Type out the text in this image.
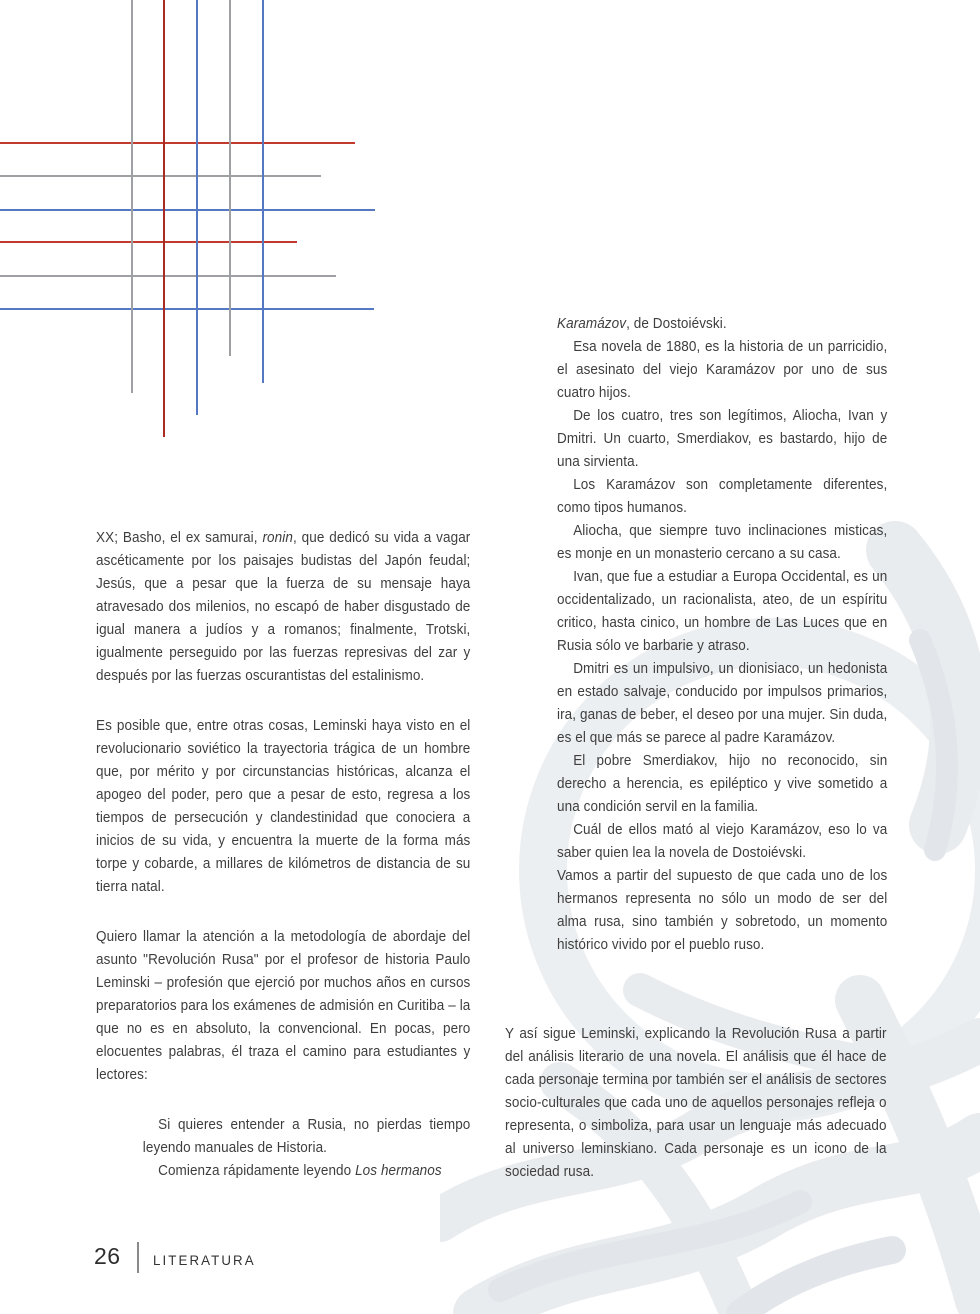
XX; Basho, el ex samurai, ronin, que dedicó su vida a vagar ascéticamente por los paisajes budistas del Japón feudal; Jesús, que a pesar que la fuerza de su mensaje haya atravesado dos milenios, no escapó de haber disgustado de igual manera a judíos y a romanos; finalmente, Trotski, igualmente perseguido por las fuerzas represivas del zar y después por las fuerzas oscurantistas del estalinismo.

Es posible que, entre otras cosas, Leminski haya visto en el revolucionario soviético la trayectoria trágica de un hombre que, por mérito y por circunstancias históricas, alcanza el apogeo del poder, pero que a pesar de esto, regresa a los tiempos de persecución y clandestinidad que conociera a inicios de su vida, y encuentra la muerte de la forma más torpe y cobarde, a millares de kilómetros de distancia de su tierra natal.

Quiero llamar la atención a la metodología de abordaje del asunto "Revolución Rusa" por el profesor de historia Paulo Leminski – profesión que ejerció por muchos años en cursos preparatorios para los exámenes de admisión en Curitiba – la que no es en absoluto, la convencional. En pocas, pero elocuentes palabras, él traza el camino para estudiantes y lectores:

Si quieres entender a Rusia, no pierdas tiempo leyendo manuales de Historia.

Comienza rápidamente leyendo Los hermanos

Karamázov, de Dostoiévski.

Esa novela de 1880, es la historia de un parricidio, el asesinato del viejo Karamázov por uno de sus cuatro hijos.

De los cuatro, tres son legítimos, Aliocha, Ivan y Dmitri. Un cuarto, Smerdiakov, es bastardo, hijo de una sirvienta.

Los Karamázov son completamente diferentes, como tipos humanos.

Aliocha, que siempre tuvo inclinaciones misticas, es monje en un monasterio cercano a su casa.

Ivan, que fue a estudiar a Europa Occidental, es un occidentalizado, un racionalista, ateo, de un espíritu critico, hasta cinico, un hombre de Las Luces que en Rusia sólo ve barbarie y atraso.

Dmitri es un impulsivo, un dionisiaco, un hedonista en estado salvaje, conducido por impulsos primarios, ira, ganas de beber, el deseo por una mujer. Sin duda, es el que más se parece al padre Karamázov.

El pobre Smerdiakov, hijo no reconocido, sin derecho a herencia, es epiléptico y vive sometido a una condición servil en la familia.

Cuál de ellos mató al viejo Karamázov, eso lo va saber quien lea la novela de Dostoiévski.

Vamos a partir del supuesto de que cada uno de los hermanos representa no sólo un modo de ser del alma rusa, sino también y sobretodo, un momento histórico vivido por el pueblo ruso.

Y así sigue Leminski, explicando la Revolución Rusa a partir del análisis literario de una novela. El análisis que él hace de cada personaje termina por también ser el análisis de sectores socio-culturales que cada uno de aquellos personajes refleja o representa, o simboliza, para usar un lenguaje más adecuado al universo leminskiano. Cada personaje es un icono de la sociedad rusa.

26 LITERATURA
